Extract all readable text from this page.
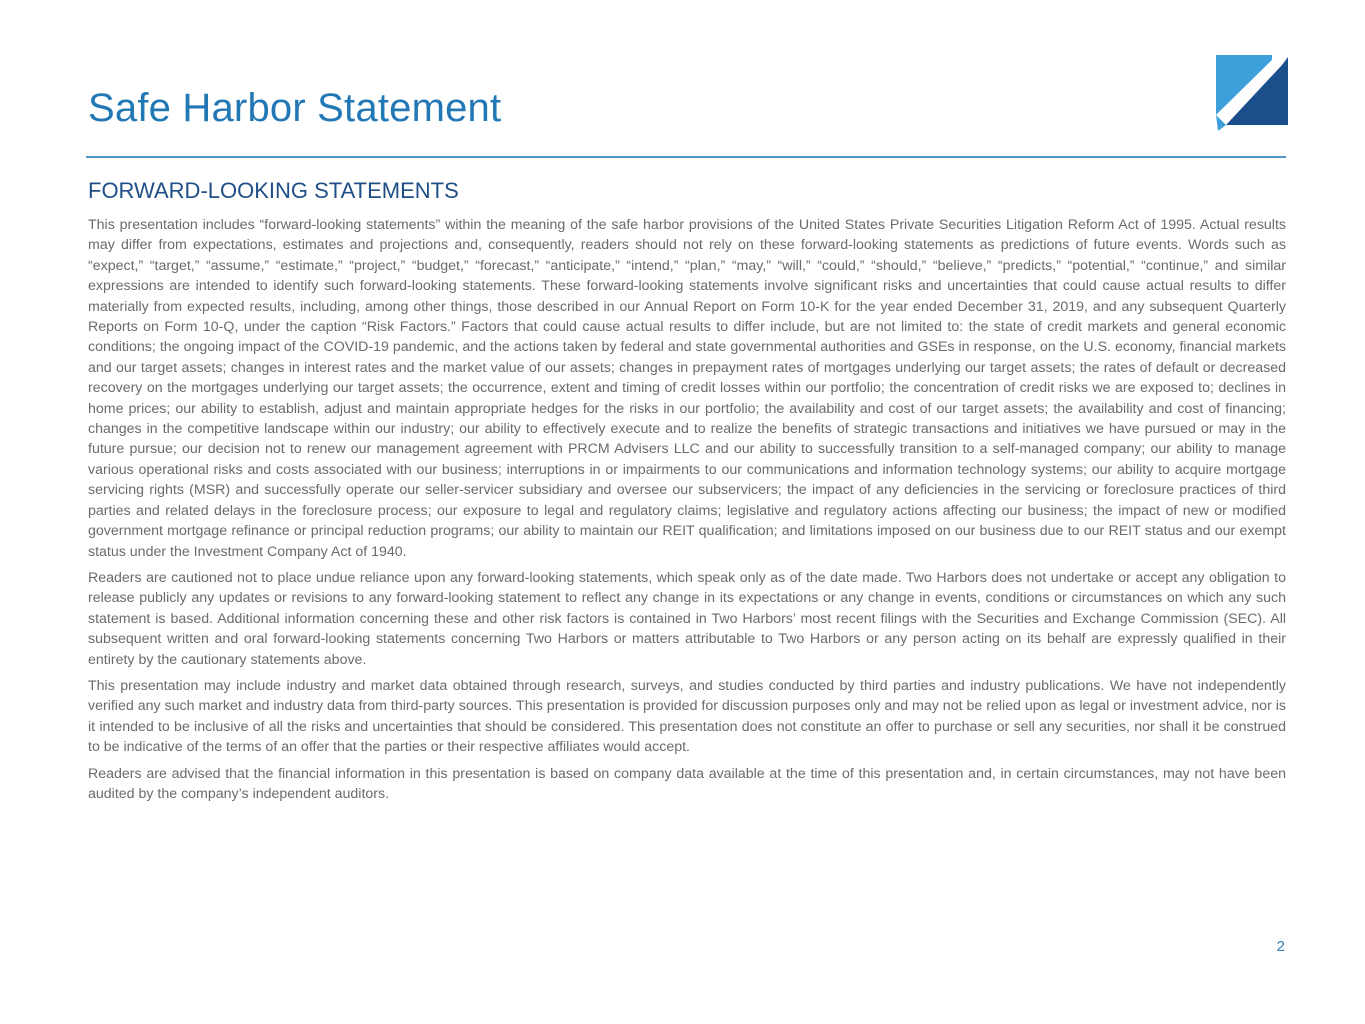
Safe Harbor Statement
FORWARD-LOOKING STATEMENTS

This presentation includes “forward-looking statements” within the meaning of the safe harbor provisions of the United States Private Securities Litigation Reform Act of 1995. Actual results may differ from expectations, estimates and projections and, consequently, readers should not rely on these forward-looking statements as predictions of future events. Words such as “expect,” “target,” “assume,” “estimate,” “project,” “budget,” “forecast,” “anticipate,” “intend,” “plan,” “may,” “will,” “could,” “should,” “believe,” “predicts,” “potential,” “continue,” and similar expressions are intended to identify such forward-looking statements. These forward-looking statements involve significant risks and uncertainties that could cause actual results to differ materially from expected results, including, among other things, those described in our Annual Report on Form 10-K for the year ended December 31, 2019, and any subsequent Quarterly Reports on Form 10-Q, under the caption “Risk Factors.” Factors that could cause actual results to differ include, but are not limited to: the state of credit markets and general economic conditions; the ongoing impact of the COVID-19 pandemic, and the actions taken by federal and state governmental authorities and GSEs in response, on the U.S. economy, financial markets and our target assets; changes in interest rates and the market value of our assets; changes in prepayment rates of mortgages underlying our target assets; the rates of default or decreased recovery on the mortgages underlying our target assets; the occurrence, extent and timing of credit losses within our portfolio; the concentration of credit risks we are exposed to; declines in home prices; our ability to establish, adjust and maintain appropriate hedges for the risks in our portfolio; the availability and cost of our target assets; the availability and cost of financing; changes in the competitive landscape within our industry; our ability to effectively execute and to realize the benefits of strategic transactions and initiatives we have pursued or may in the future pursue; our decision not to renew our management agreement with PRCM Advisers LLC and our ability to successfully transition to a self-managed company; our ability to manage various operational risks and costs associated with our business; interruptions in or impairments to our communications and information technology systems; our ability to acquire mortgage servicing rights (MSR) and successfully operate our seller-servicer subsidiary and oversee our subservicers; the impact of any deficiencies in the servicing or foreclosure practices of third parties and related delays in the foreclosure process; our exposure to legal and regulatory claims; legislative and regulatory actions affecting our business; the impact of new or modified government mortgage refinance or principal reduction programs; our ability to maintain our REIT qualification; and limitations imposed on our business due to our REIT status and our exempt status under the Investment Company Act of 1940.

Readers are cautioned not to place undue reliance upon any forward-looking statements, which speak only as of the date made. Two Harbors does not undertake or accept any obligation to release publicly any updates or revisions to any forward-looking statement to reflect any change in its expectations or any change in events, conditions or circumstances on which any such statement is based. Additional information concerning these and other risk factors is contained in Two Harbors’ most recent filings with the Securities and Exchange Commission (SEC). All subsequent written and oral forward-looking statements concerning Two Harbors or matters attributable to Two Harbors or any person acting on its behalf are expressly qualified in their entirety by the cautionary statements above.

This presentation may include industry and market data obtained through research, surveys, and studies conducted by third parties and industry publications. We have not independently verified any such market and industry data from third-party sources. This presentation is provided for discussion purposes only and may not be relied upon as legal or investment advice, nor is it intended to be inclusive of all the risks and uncertainties that should be considered. This presentation does not constitute an offer to purchase or sell any securities, nor shall it be construed to be indicative of the terms of an offer that the parties or their respective affiliates would accept.

Readers are advised that the financial information in this presentation is based on company data available at the time of this presentation and, in certain circumstances, may not have been audited by the company’s independent auditors.

2
